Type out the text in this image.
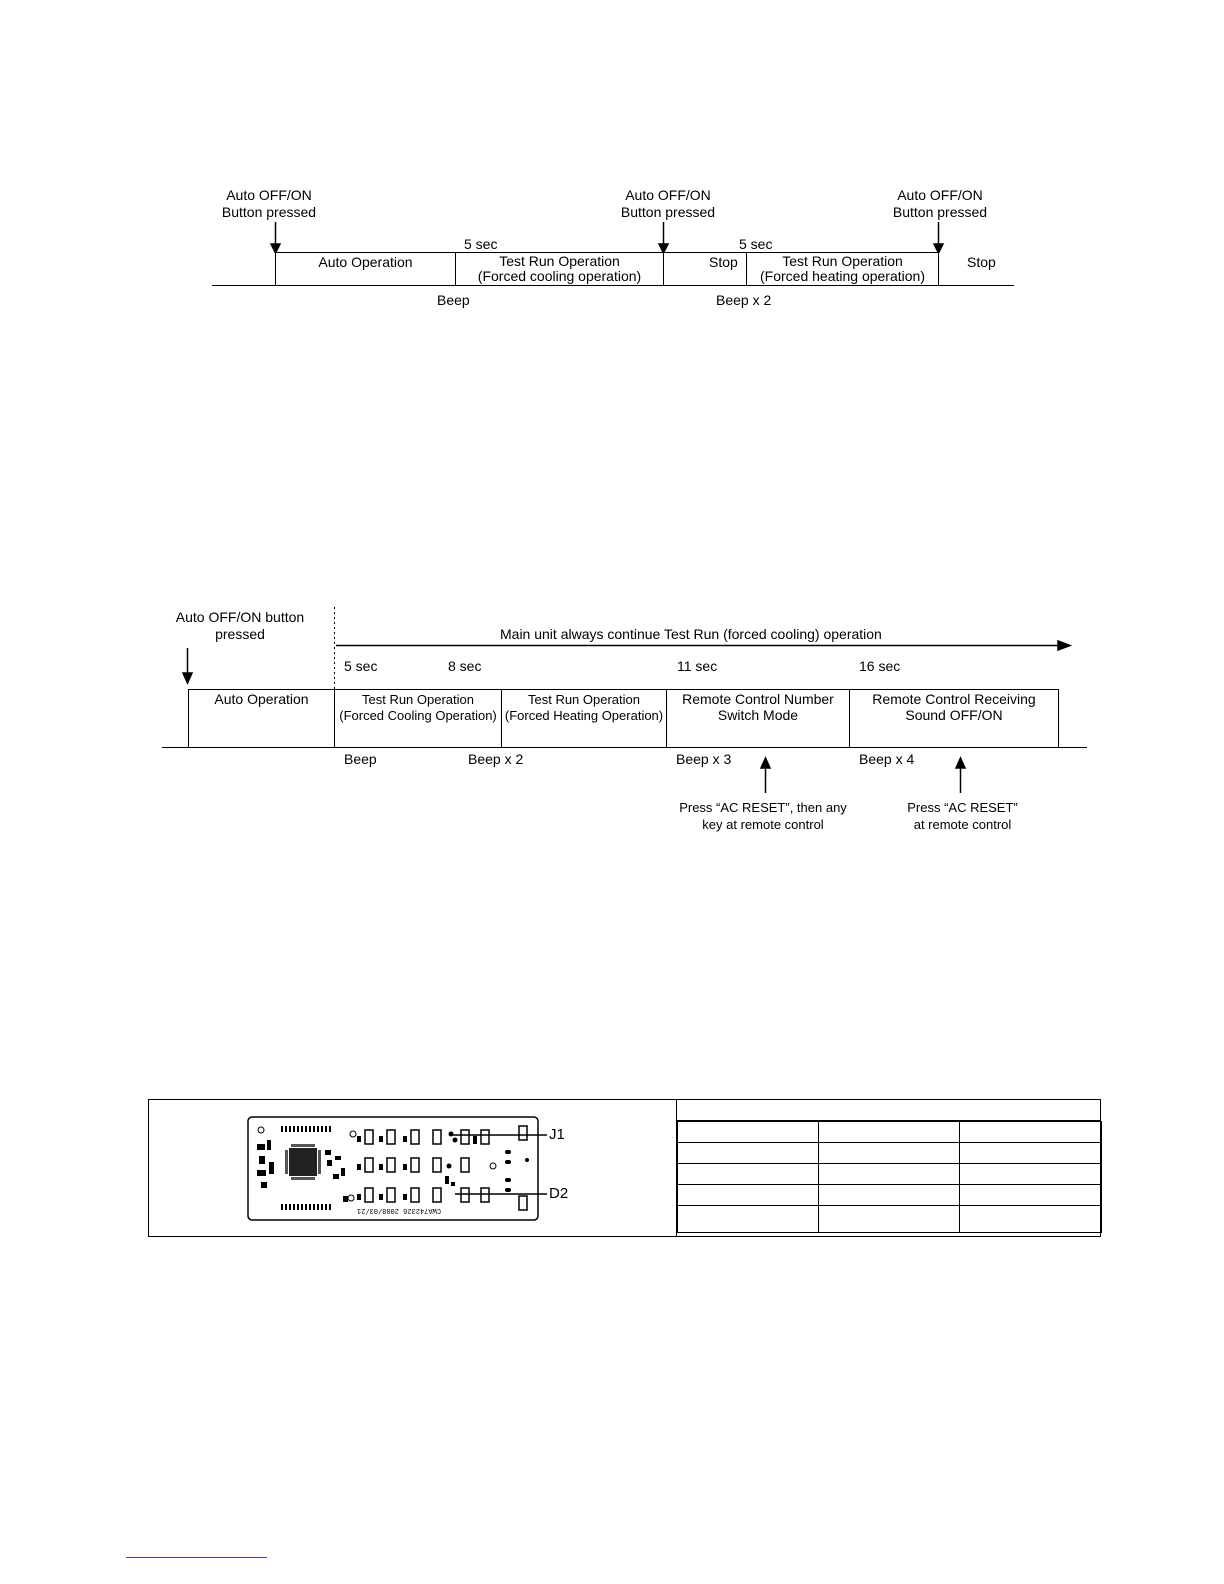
Auto OFF/ON
Button pressed
Auto OFF/ON
Button pressed
Auto OFF/ON
Button pressed
5 sec	5 sec
Auto Operation	Test Run Operation
(Forced cooling operation)
Stop	Test Run Operation
(Forced heating operation)
Stop
Beep	Beep x 2
Auto OFF/ON button
pressed	Main unit always continue Test Run (forced cooling) operation
5 sec	8 sec	11 sec	16 sec
Auto Operation	Test Run Operation
(Forced Cooling Operation)
Test Run Operation
(Forced Heating Operation)
Remote Control Number
Switch Mode
Remote Control Receiving
Sound OFF/ON
Beep	Beep x 2	Beep x 3	Beep x 4
Press “AC RESET”, then any
key at remote control
Press “AC RESET”
at remote control
CWA742326 2008/03/21
J1
D2
